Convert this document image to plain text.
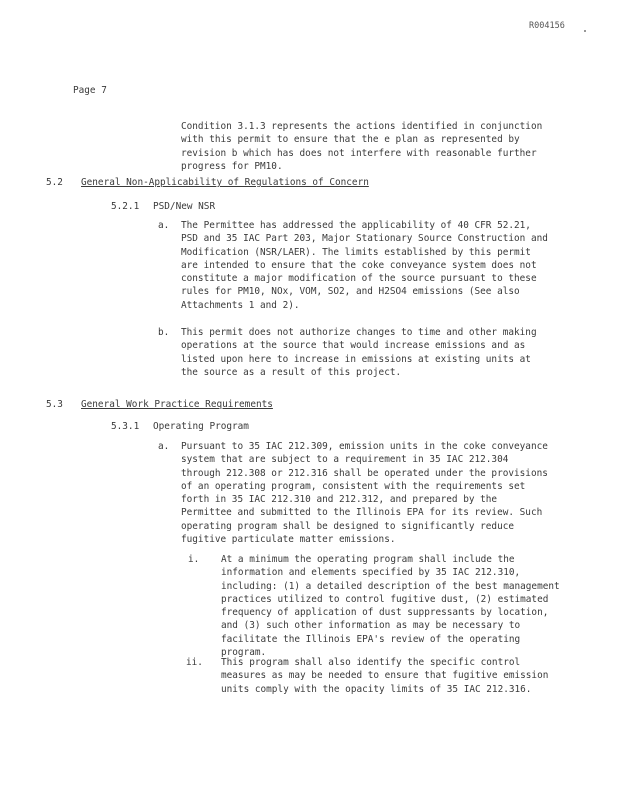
R004156
Page 7
Condition 3.1.3 represents the actions identified in conjunction with this permit to ensure that the e plan as represented by revision b which has does not interfere with reasonable further progress for PM10.
5.2 General Non-Applicability of Regulations of Concern
5.2.1 PSD/New NSR
a. The Permittee has addressed the applicability of 40 CFR 52.21, PSD and 35 IAC Part 203, Major Stationary Source Construction and Modification (NSR/LAER). The limits established by this permit are intended to ensure that the coke conveyance system does not constitute a major modification of the source pursuant to these rules for PM10, NOx, VOM, SO2, and H2SO4 emissions (See also Attachments 1 and 2).
b. This permit does not authorize changes to time and other making operations at the source that would increase emissions and as listed upon here to increase in emissions at existing units at the source as a result of this project.
5.3 General Work Practice Requirements
5.3.1 Operating Program
a. Pursuant to 35 IAC 212.309, emission units in the coke conveyance system that are subject to a requirement in 35 IAC 212.304 through 212.308 or 212.316 shall be operated under the provisions of an operating program, consistent with the requirements set forth in 35 IAC 212.310 and 212.312, and prepared by the Permittee and submitted to the Illinois EPA for its review. Such operating program shall be designed to significantly reduce fugitive particulate matter emissions.
i. At a minimum the operating program shall include the information and elements specified by 35 IAC 212.310, including: (1) a detailed description of the best management practices utilized to control fugitive dust, (2) estimated frequency of application of dust suppressants by location, and (3) such other information as may be necessary to facilitate the Illinois EPA's review of the operating program.
ii. This program shall also identify the specific control measures as may be needed to ensure that fugitive emission units comply with the opacity limits of 35 IAC 212.316.
